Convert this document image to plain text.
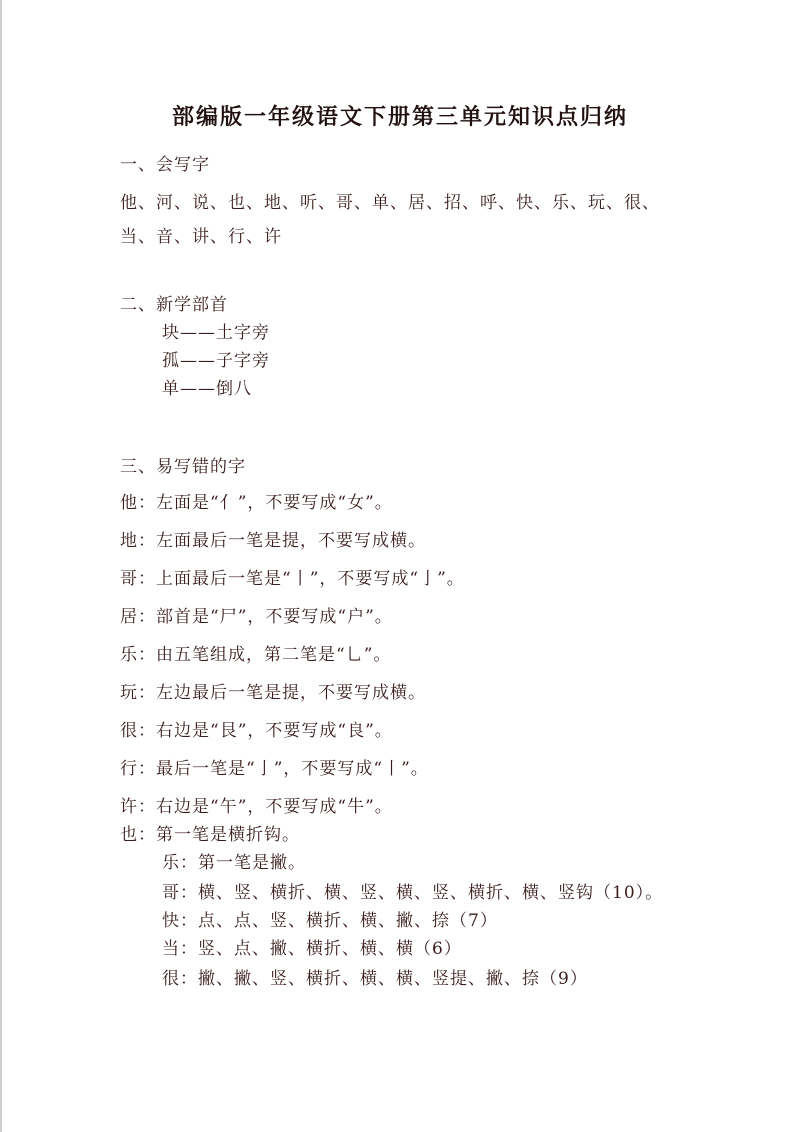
部编版一年级语文下册第三单元知识点归纳
一、会写字
他、河、说、也、地、听、哥、单、居、招、呼、快、乐、玩、很、
当、音、讲、行、许
二、新学部首
块——土字旁
孤——子字旁
单——倒八
三、易写错的字
他：左面是“亻”，不要写成“女”。
地：左面最后一笔是提，不要写成横。
哥：上面最后一笔是“丨”，不要写成“亅”。
居：部首是“尸”，不要写成“户”。
乐：由五笔组成，第二笔是“乚”。
玩：左边最后一笔是提，不要写成横。
很：右边是“艮”，不要写成“良”。
行：最后一笔是“亅”，不要写成“丨”。
许：右边是“午”，不要写成“牛”。
也：第一笔是横折钩。
乐：第一笔是撇。
哥：横、竖、横折、横、竖、横、竖、横折、横、竖钩（10）。
快：点、点、竖、横折、横、撇、捺（7）
当：竖、点、撇、横折、横、横（6）
很：撇、撇、竖、横折、横、横、竖提、撇、捺（9）
